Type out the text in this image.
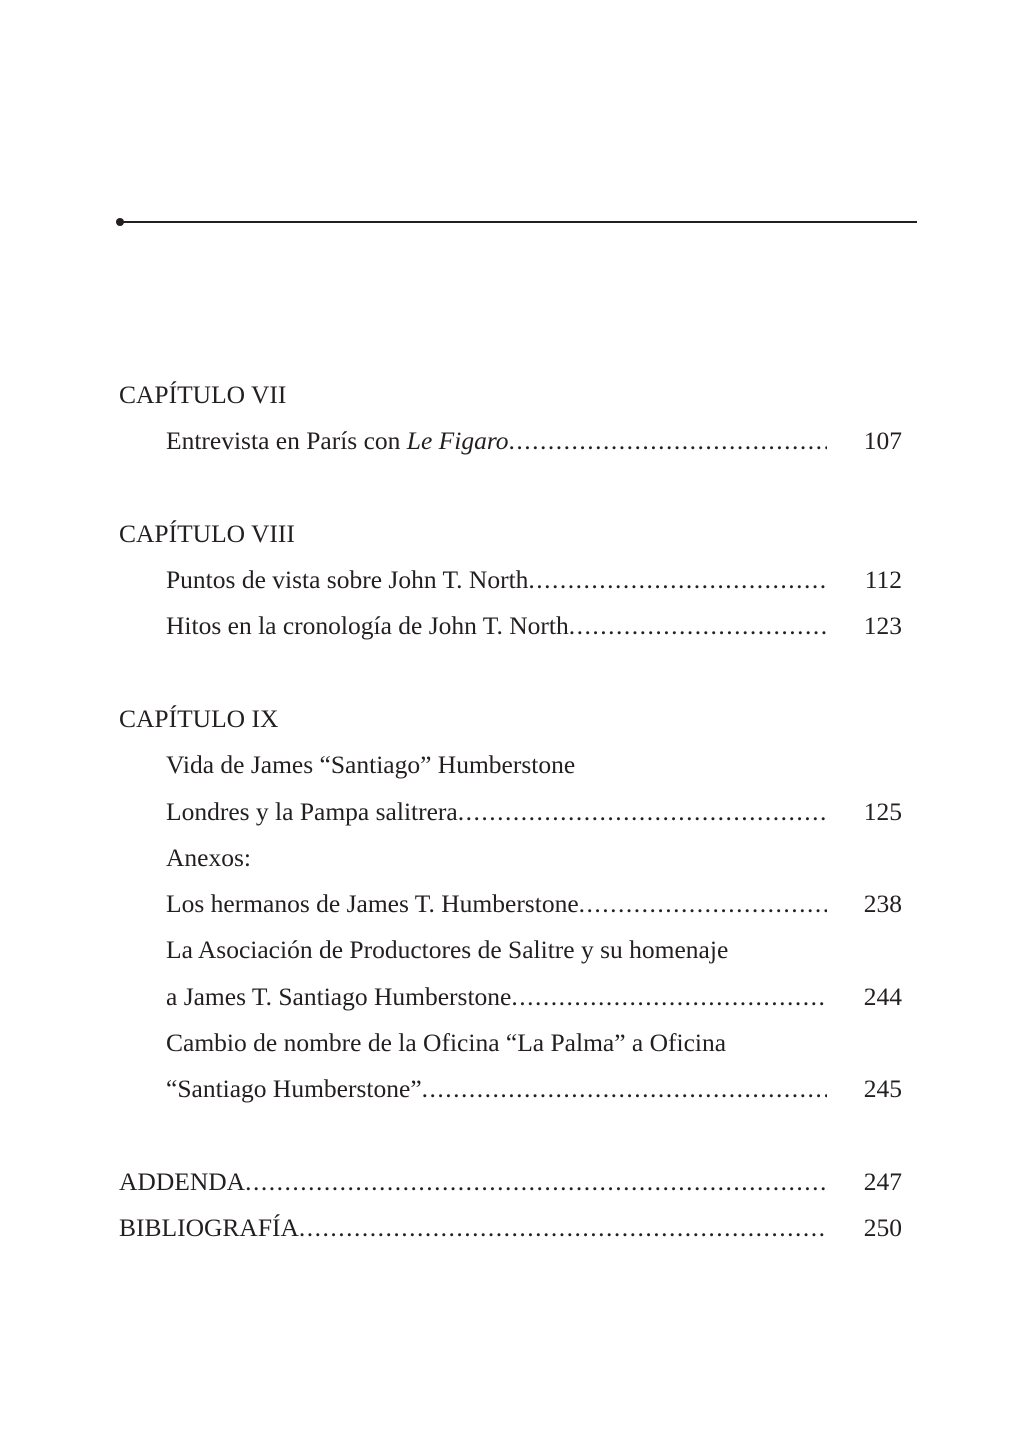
CAPÍTULO VII
Entrevista en París con Le Figaro .....	107
CAPÍTULO VIII
Puntos de vista sobre John T. North .....	112
Hitos en la cronología de John T. North .....	123
CAPÍTULO IX
Vida de James “Santiago” Humberstone
Londres y la Pampa salitrera .....	125
Anexos:
Los hermanos de James T. Humberstone .....	238
La Asociación de Productores de Salitre y su homenaje
a James T. Santiago Humberstone .....	244
Cambio de nombre de la Oficina “La Palma” a Oficina
“Santiago Humberstone” .....	245
ADDENDA .....	247
BIBLIOGRAFÍA .....	250
